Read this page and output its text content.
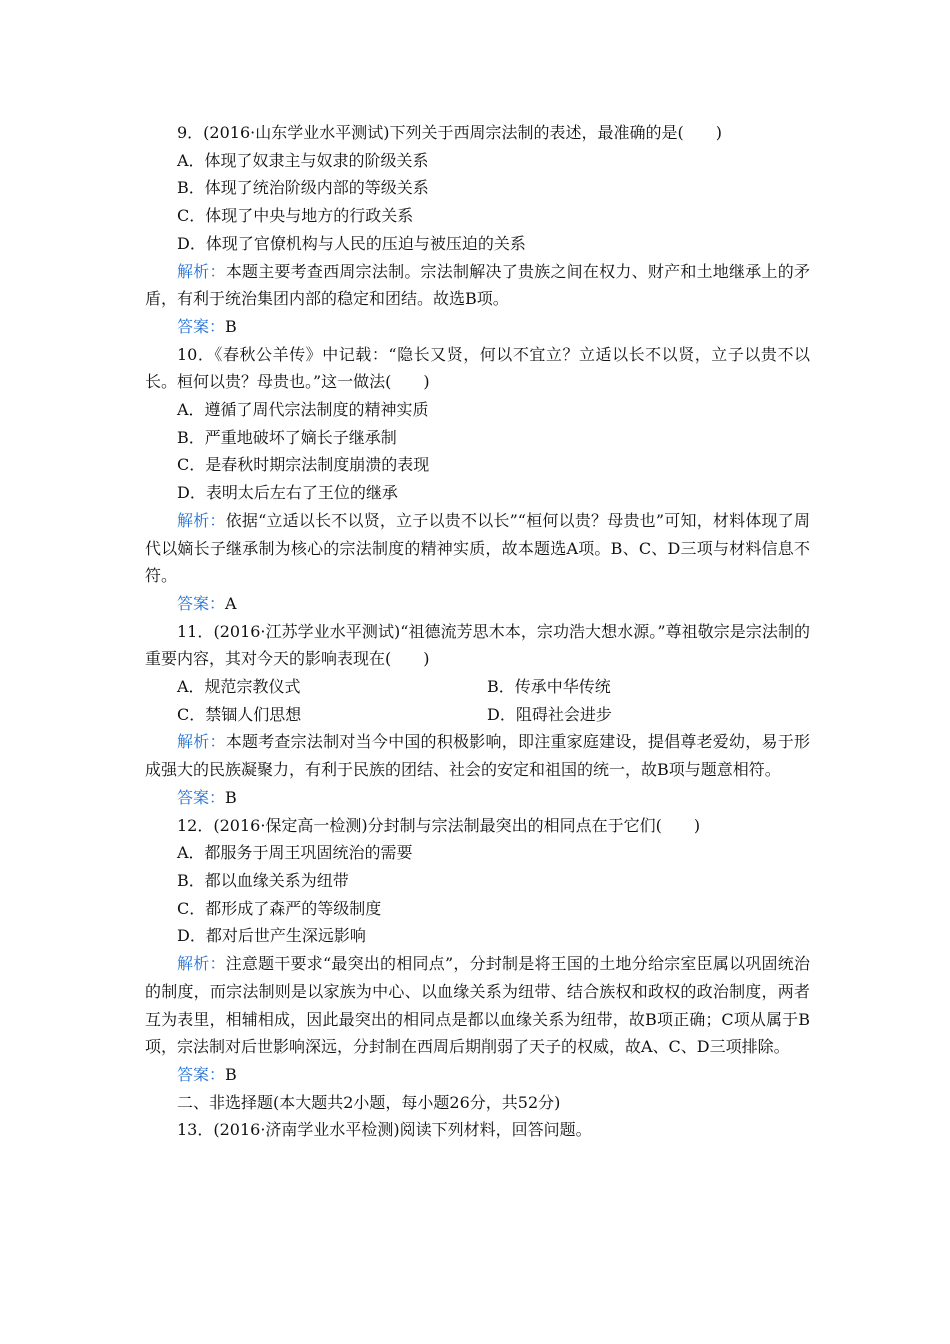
9．(2016·山东学业水平测试)下列关于西周宗法制的表述，最准确的是(　　)
A．体现了奴隶主与奴隶的阶级关系
B．体现了统治阶级内部的等级关系
C．体现了中央与地方的行政关系
D．体现了官僚机构与人民的压迫与被压迫的关系
解析：本题主要考查西周宗法制。宗法制解决了贵族之间在权力、财产和土地继承上的矛盾，有利于统治集团内部的稳定和团结。故选B项。
答案：B
10．《春秋公羊传》中记载：“隐长又贤，何以不宜立？立适以长不以贤，立子以贵不以长。桓何以贵？母贵也。”这一做法(　　)
A．遵循了周代宗法制度的精神实质
B．严重地破坏了嫡长子继承制
C．是春秋时期宗法制度崩溃的表现
D．表明太后左右了王位的继承
解析：依据“立适以长不以贤，立子以贵不以长”“桓何以贵？母贵也”可知，材料体现了周代以嫡长子继承制为核心的宗法制度的精神实质，故本题选A项。B、C、D三项与材料信息不符。
答案：A
11．(2016·江苏学业水平测试)“祖德流芳思木本，宗功浩大想水源。”尊祖敬宗是宗法制的重要内容，其对今天的影响表现在(　　)
A．规范宗教仪式	B．传承中华传统
C．禁锢人们思想	D．阻碍社会进步
解析：本题考查宗法制对当今中国的积极影响，即注重家庭建设，提倡尊老爱幼，易于形成强大的民族凝聚力，有利于民族的团结、社会的安定和祖国的统一，故B项与题意相符。
答案：B
12．(2016·保定高一检测)分封制与宗法制最突出的相同点在于它们(　　)
A．都服务于周王巩固统治的需要
B．都以血缘关系为纽带
C．都形成了森严的等级制度
D．都对后世产生深远影响
解析：注意题干要求“最突出的相同点”，分封制是将王国的土地分给宗室臣属以巩固统治的制度，而宗法制则是以家族为中心、以血缘关系为纽带、结合族权和政权的政治制度，两者互为表里，相辅相成，因此最突出的相同点是都以血缘关系为纽带，故B项正确；C项从属于B项，宗法制对后世影响深远，分封制在西周后期削弱了天子的权威，故A、C、D三项排除。
答案：B
二、非选择题(本大题共2小题，每小题26分，共52分)
13．(2016·济南学业水平检测)阅读下列材料，回答问题。
